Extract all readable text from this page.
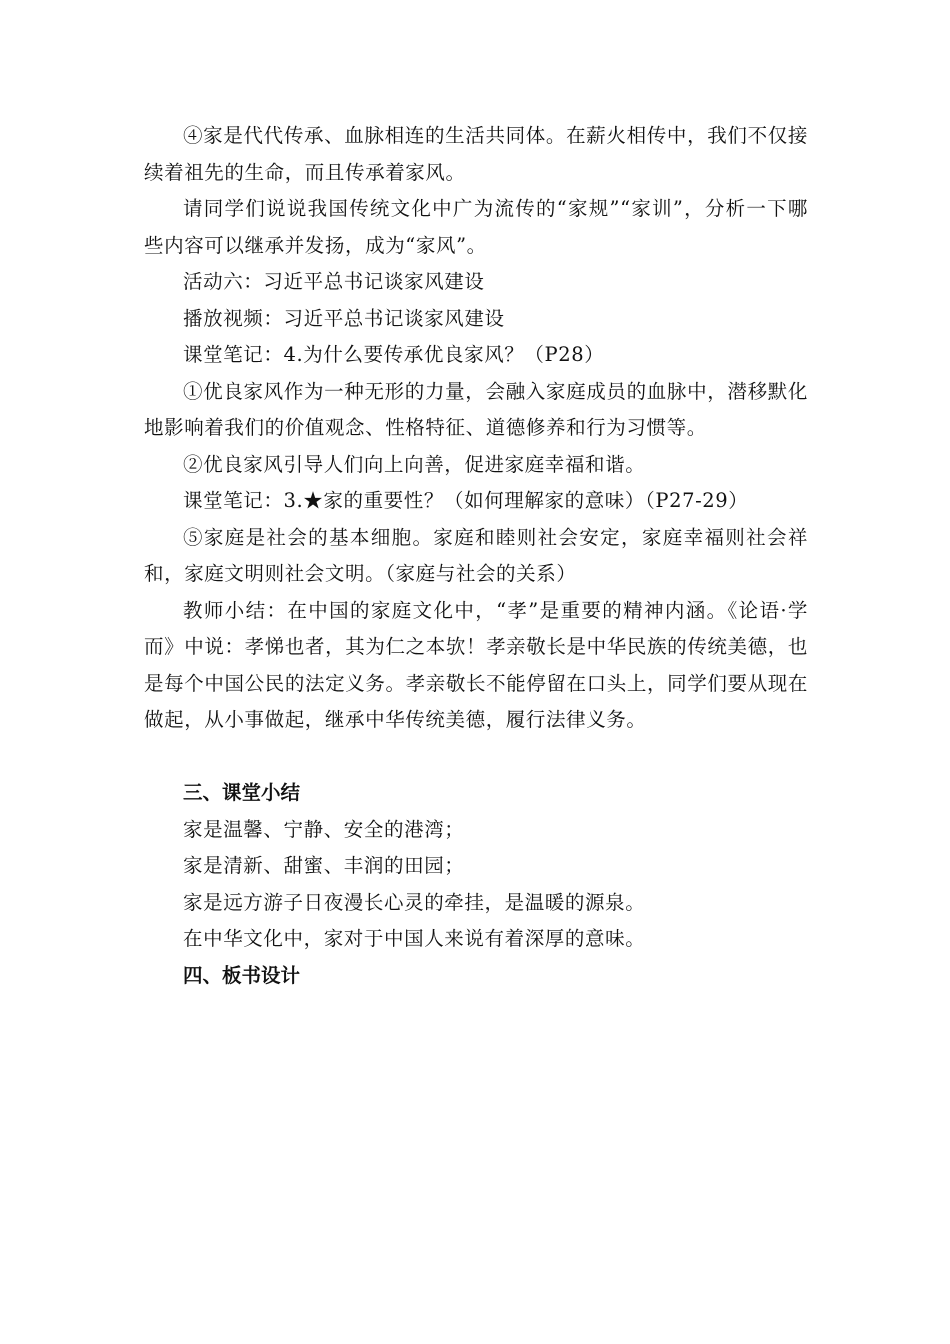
④家是代代传承、血脉相连的生活共同体。在薪火相传中，我们不仅接续着祖先的生命，而且传承着家风。

请同学们说说我国传统文化中广为流传的“家规”“家训”，分析一下哪些内容可以继承并发扬，成为“家风”。

活动六：习近平总书记谈家风建设

播放视频：习近平总书记谈家风建设

课堂笔记：4.为什么要传承优良家风？（P28）

①优良家风作为一种无形的力量，会融入家庭成员的血脉中，潜移默化地影响着我们的价值观念、性格特征、道德修养和行为习惯等。

②优良家风引导人们向上向善，促进家庭幸福和谐。

课堂笔记：3.★家的重要性？（如何理解家的意味）（P27-29）

⑤家庭是社会的基本细胞。家庭和睦则社会安定，家庭幸福则社会祥和，家庭文明则社会文明。（家庭与社会的关系）

教师小结：在中国的家庭文化中，“孝”是重要的精神内涵。《论语·学而》中说：孝悌也者，其为仁之本欤！孝亲敬长是中华民族的传统美德，也是每个中国公民的法定义务。孝亲敬长不能停留在口头上，同学们要从现在做起，从小事做起，继承中华传统美德，履行法律义务。

三、课堂小结

家是温馨、宁静、安全的港湾；

家是清新、甜蜜、丰润的田园；

家是远方游子日夜漫长心灵的牵挂，是温暖的源泉。

在中华文化中，家对于中国人来说有着深厚的意味。

四、板书设计
